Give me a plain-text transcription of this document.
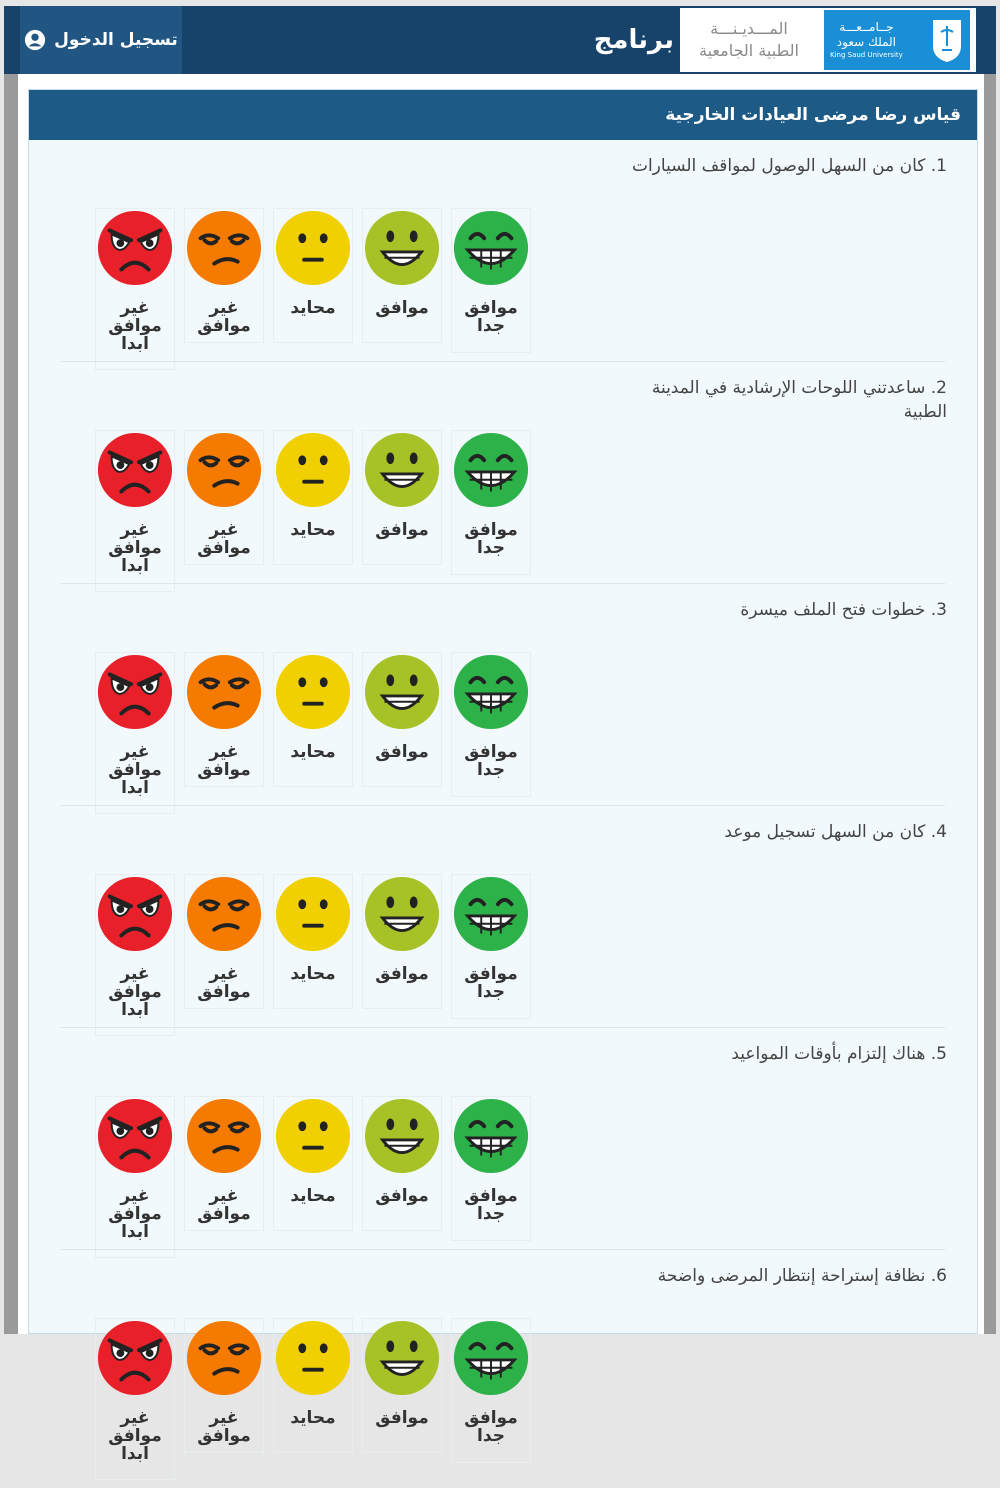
تسجيل الدخول	برنامج	المـــديـنـــة
الطبية الجامعية
جــامــعـــة
الملك سعود
King Saud University
قياس رضا مرضى العيادات الخارجية
1. كان من السهل الوصول لمواقف السيارات
غير موافق ابدا
غير موافق
محايد	موافق	موافق جدا
2. ساعدتني اللوحات الإرشادية في المدينة الطبية
غير موافق ابدا
غير موافق
محايد	موافق	موافق جدا
3. خطوات فتح الملف ميسرة
غير موافق ابدا
غير موافق
محايد	موافق	موافق جدا
4. كان من السهل تسجيل موعد
غير موافق ابدا
غير موافق
محايد	موافق	موافق جدا
5. هناك إلتزام بأوقات المواعيد
غير موافق ابدا
غير موافق
محايد	موافق	موافق جدا
6. نظافة إستراحة إنتظار المرضى واضحة
غير موافق ابدا
غير موافق
محايد	موافق	موافق جدا
